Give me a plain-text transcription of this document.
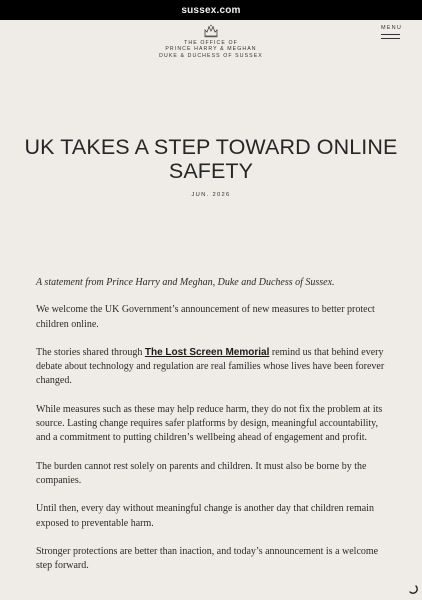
sussex.com
THE OFFICE OF
PRINCE HARRY & MEGHAN
DUKE & DUCHESS OF SUSSEX
MENU
UK TAKES A STEP TOWARD ONLINE SAFETY
JUN. 2026

A statement from Prince Harry and Meghan, Duke and Duchess of Sussex.

We welcome the UK Government’s announcement of new measures to better protect children online.

The stories shared through The Lost Screen Memorial remind us that behind every debate about technology and regulation are real families whose lives have been forever changed.

While measures such as these may help reduce harm, they do not fix the problem at its source. Lasting change requires safer platforms by design, meaningful accountability, and a commitment to putting children’s wellbeing ahead of engagement and profit.

The burden cannot rest solely on parents and children. It must also be borne by the companies.

Until then, every day without meaningful change is another day that children remain exposed to preventable harm.

Stronger protections are better than inaction, and today’s announcement is a welcome step forward.
